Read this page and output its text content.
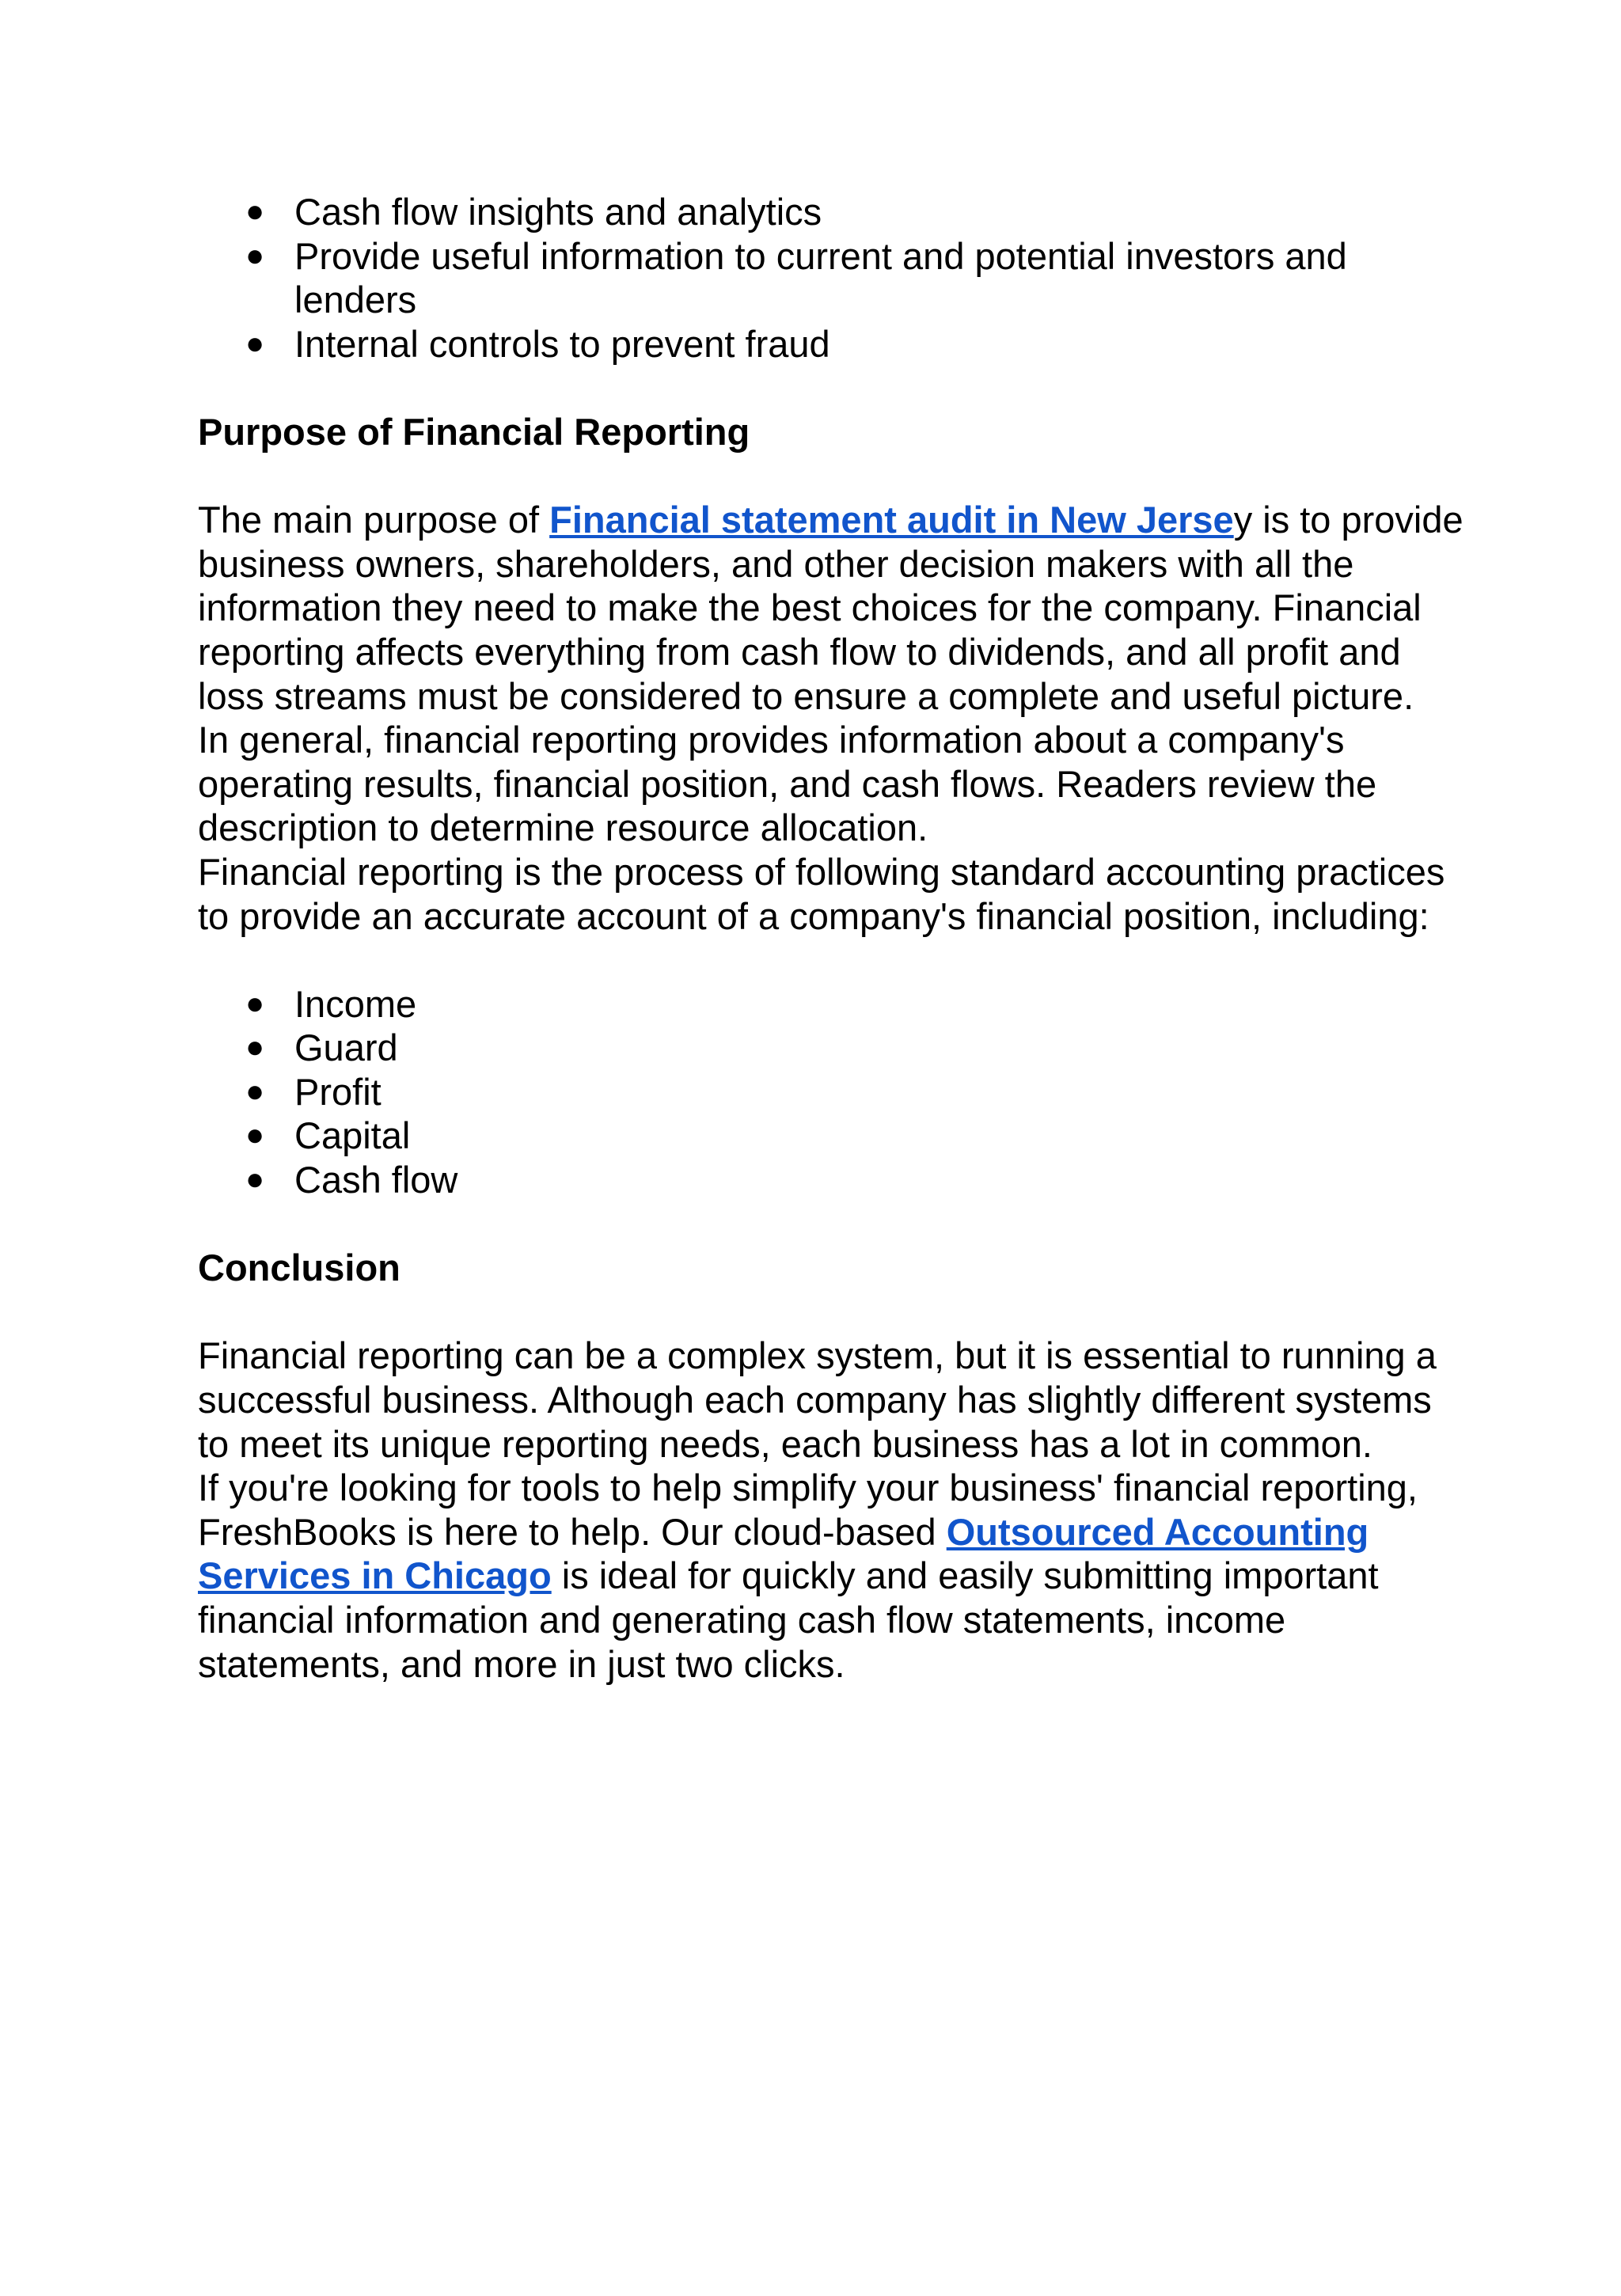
● Cash flow insights and analytics
● Provide useful information to current and potential investors and lenders
● Internal controls to prevent fraud

Purpose of Financial Reporting

The main purpose of Financial statement audit in New Jersey is to provide business owners, shareholders, and other decision makers with all the information they need to make the best choices for the company. Financial reporting affects everything from cash flow to dividends, and all profit and loss streams must be considered to ensure a complete and useful picture.

In general, financial reporting provides information about a company's operating results, financial position, and cash flows. Readers review the description to determine resource allocation.

Financial reporting is the process of following standard accounting practices to provide an accurate account of a company's financial position, including:

● Income
● Guard
● Profit
● Capital
● Cash flow

Conclusion

Financial reporting can be a complex system, but it is essential to running a successful business. Although each company has slightly different systems to meet its unique reporting needs, each business has a lot in common.

If you're looking for tools to help simplify your business' financial reporting, FreshBooks is here to help. Our cloud-based Outsourced Accounting Services in Chicago is ideal for quickly and easily submitting important financial information and generating cash flow statements, income statements, and more in just two clicks.
